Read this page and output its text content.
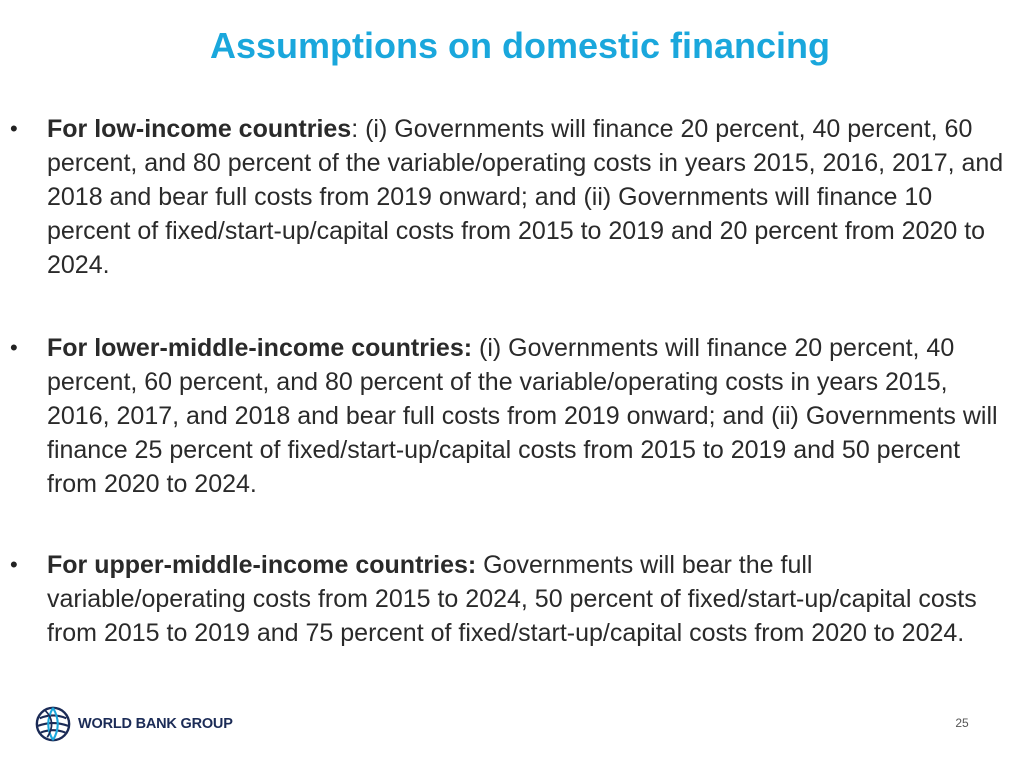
Assumptions on domestic financing
• For low-income countries: (i) Governments will finance 20 percent, 40 percent, 60 percent, and 80 percent of the variable/operating costs in years 2015, 2016, 2017, and 2018 and bear full costs from 2019 onward; and (ii) Governments will finance 10 percent of fixed/start-up/capital costs from 2015 to 2019 and 20 percent from 2020 to 2024.

• For lower-middle-income countries: (i) Governments will finance 20 percent, 40 percent, 60 percent, and 80 percent of the variable/operating costs in years 2015, 2016, 2017, and 2018 and bear full costs from 2019 onward; and (ii) Governments will finance 25 percent of fixed/start-up/capital costs from 2015 to 2019 and 50 percent from 2020 to 2024.

• For upper-middle-income countries: Governments will bear the full variable/operating costs from 2015 to 2024, 50 percent of fixed/start-up/capital costs from 2015 to 2019 and 75 percent of fixed/start-up/capital costs from 2020 to 2024.

WORLD BANK GROUP	25
